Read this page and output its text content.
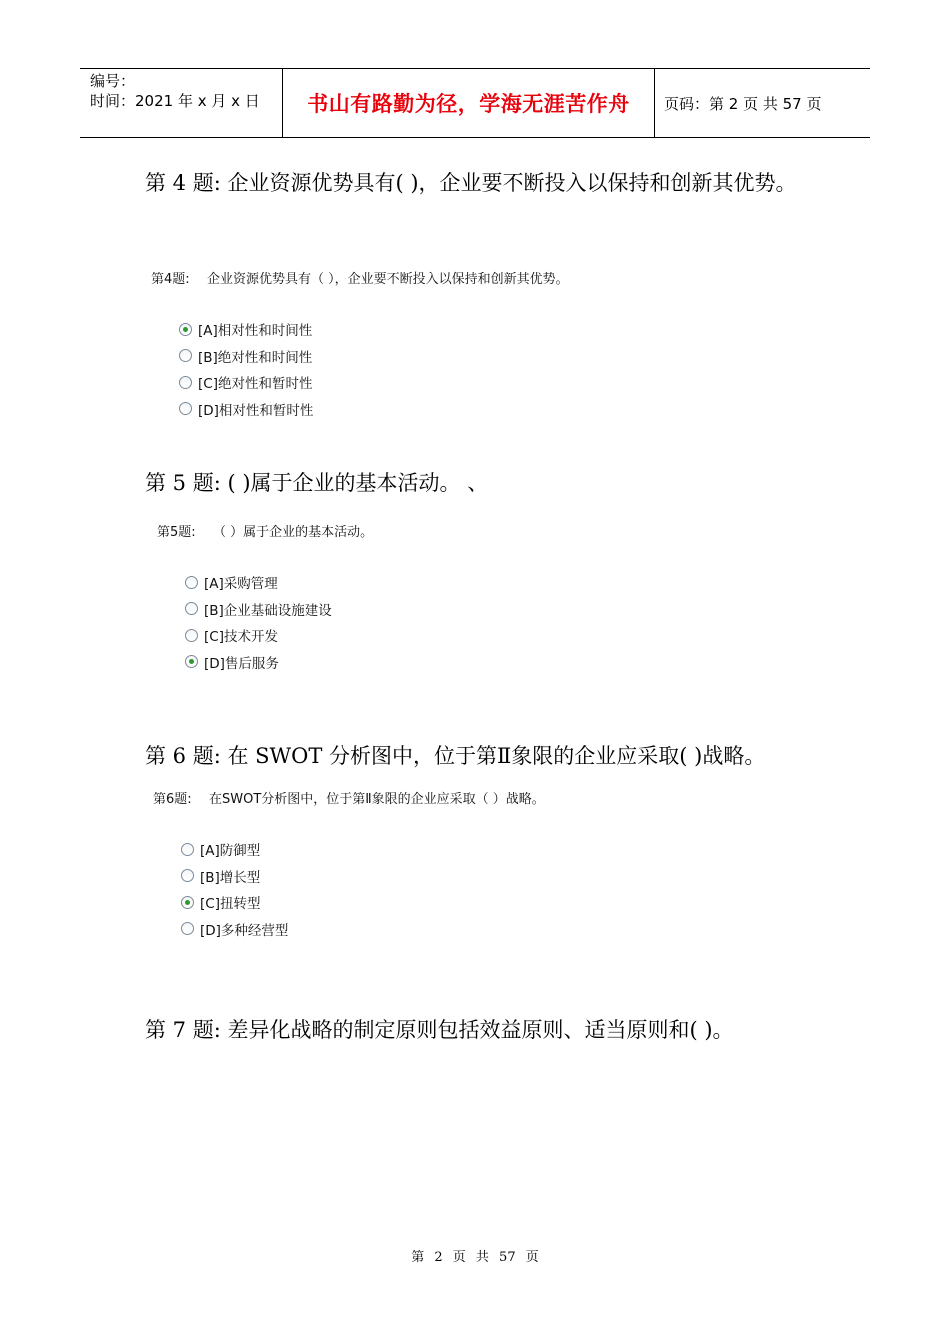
编号：
时间：2021 年 x 月 x 日	书山有路勤为径，学海无涯苦作舟	页码：第 2 页 共 57 页
第 4 题: 企业资源优势具有( )，企业要不断投入以保持和创新其优势。
第4题: 企业资源优势具有（ ），企业要不断投入以保持和创新其优势。
[A]相对性和时间性
[B]绝对性和时间性
[C]绝对性和暂时性
[D]相对性和暂时性
第 5 题: ( )属于企业的基本活动。 、
第5题: （ ）属于企业的基本活动。
[A]采购管理
[B]企业基础设施建设
[C]技术开发
[D]售后服务
第 6 题: 在 SWOT 分析图中，位于第Ⅱ象限的企业应采取( )战略。
第6题: 在SWOT分析图中，位于第Ⅱ象限的企业应采取（ ）战略。
[A]防御型
[B]增长型
[C]扭转型
[D]多种经营型
第 7 题: 差异化战略的制定原则包括效益原则、适当原则和( )。
第 2 页 共 57 页
